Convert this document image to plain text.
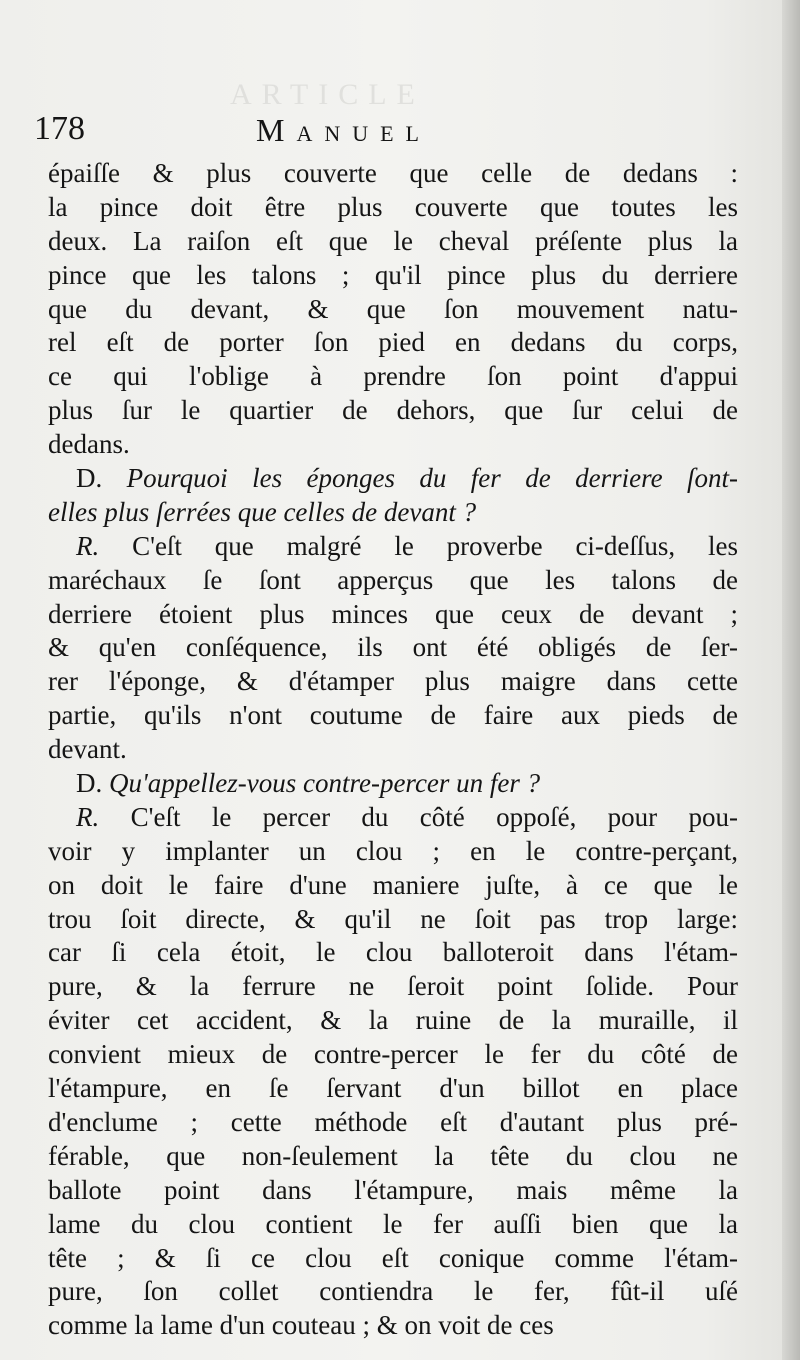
ARTICLE
178	Manuel
épaiſſe & plus couverte que celle de dedans :
la pince doit être plus couverte que toutes les
deux. La raiſon eſt que le cheval préſente plus la
pince que les talons ; qu'il pince plus du derriere
que du devant, & que ſon mouvement natu-
rel eſt de porter ſon pied en dedans du corps,
ce qui l'oblige à prendre ſon point d'appui
plus ſur le quartier de dehors, que ſur celui de
dedans.
D. Pourquoi les éponges du fer de derriere ſont-
elles plus ſerrées que celles de devant ?
R. C'eſt que malgré le proverbe ci-deſſus, les
maréchaux ſe ſont apperçus que les talons de
derriere étoient plus minces que ceux de devant ;
& qu'en conſéquence, ils ont été obligés de ſer-
rer l'éponge, & d'étamper plus maigre dans cette
partie, qu'ils n'ont coutume de faire aux pieds de
devant.
D. Qu'appellez-vous contre-percer un fer ?
R. C'eſt le percer du côté oppoſé, pour pou-
voir y implanter un clou ; en le contre-perçant,
on doit le faire d'une maniere juſte, à ce que le
trou ſoit directe, & qu'il ne ſoit pas trop large:
car ſi cela étoit, le clou balloteroit dans l'étam-
pure, & la ferrure ne ſeroit point ſolide. Pour
éviter cet accident, & la ruine de la muraille, il
convient mieux de contre-percer le fer du côté de
l'étampure, en ſe ſervant d'un billot en place
d'enclume ; cette méthode eſt d'autant plus pré-
férable, que non-ſeulement la tête du clou ne
ballote point dans l'étampure, mais même la
lame du clou contient le fer auſſi bien que la
tête ; & ſi ce clou eſt conique comme l'étam-
pure, ſon collet contiendra le fer, fût-il uſé
comme la lame d'un couteau ; & on voit de ces
